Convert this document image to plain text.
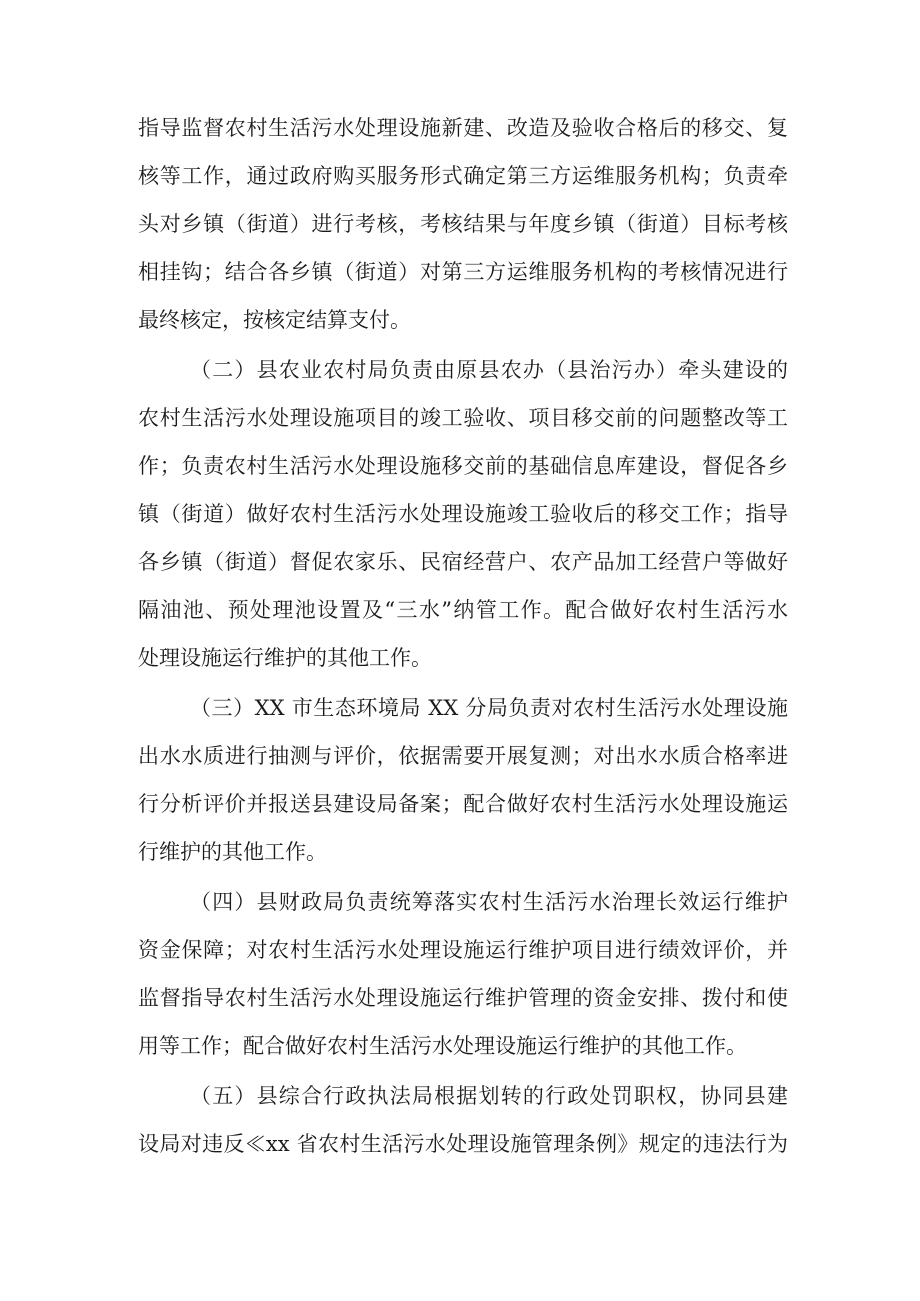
指导监督农村生活污水处理设施新建、改造及验收合格后的移交、复
核等工作，通过政府购买服务形式确定第三方运维服务机构；负责牵
头对乡镇（街道）进行考核，考核结果与年度乡镇（街道）目标考核
相挂钩；结合各乡镇（街道）对第三方运维服务机构的考核情况进行
最终核定，按核定结算支付。
（二）县农业农村局负责由原县农办（县治污办）牵头建设的
农村生活污水处理设施项目的竣工验收、项目移交前的问题整改等工
作；负责农村生活污水处理设施移交前的基础信息库建设，督促各乡
镇（街道）做好农村生活污水处理设施竣工验收后的移交工作；指导
各乡镇（街道）督促农家乐、民宿经营户、农产品加工经营户等做好
隔油池、预处理池设置及“三水”纳管工作。配合做好农村生活污水
处理设施运行维护的其他工作。
（三）XX 市生态环境局 XX 分局负责对农村生活污水处理设施
出水水质进行抽测与评价，依据需要开展复测；对出水水质合格率进
行分析评价并报送县建设局备案；配合做好农村生活污水处理设施运
行维护的其他工作。
（四）县财政局负责统筹落实农村生活污水治理长效运行维护
资金保障；对农村生活污水处理设施运行维护项目进行绩效评价，并
监督指导农村生活污水处理设施运行维护管理的资金安排、拨付和使
用等工作；配合做好农村生活污水处理设施运行维护的其他工作。
（五）县综合行政执法局根据划转的行政处罚职权，协同县建
设局对违反≪xx 省农村生活污水处理设施管理条例》规定的违法行为
